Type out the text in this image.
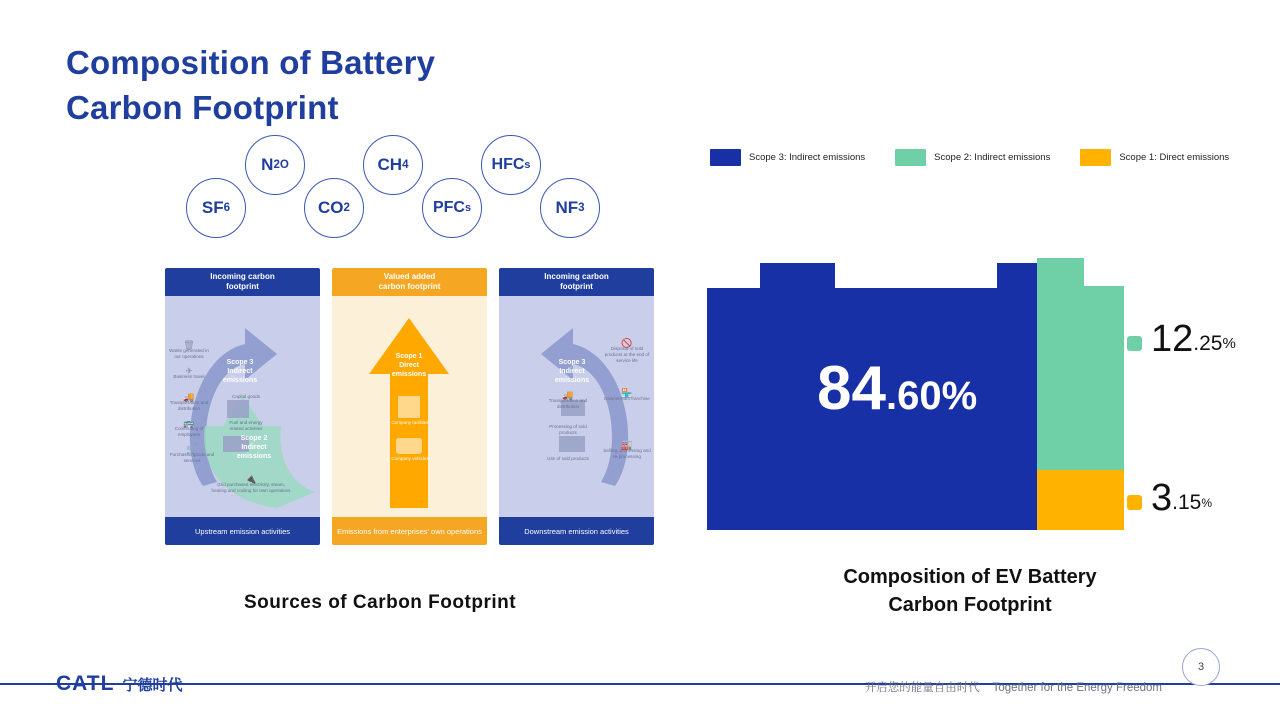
Composition of Battery
Carbon Footprint
SF 6
N 2O
CO 2
CH 4
PFC s
HFC s
NF 3
Incoming carbon
footprint
Scope 3
Indirect
emissions
Scope 2
Indirect
emissions
🗑
Waste generated in our operations
✈
Business travel
🚚
Transportation and distribution
🚌
Commuting of employees
🛒
Purchased goods and services
Fuel and energy related activities
Capital goods
🔌
Grid purchased electricity, steam, heating and cooling for own operations
Upstream emission activities
Valued added
carbon footprint
Scope 1
Direct
emissions
Company facilities
Company vehicles
Emissions from enterprises' own operations
Incoming carbon
footprint
Scope 3
Indirect
emissions
🚚
Transportation and distribution
Processing of sold products
Use of sold products
🚫
Disposal of sold products at the end of service life
🏪
Downstream franchise
🏭
Selling, processing and re-processing
Downstream emission activities
Sources of Carbon Footprint
Scope 3: Indirect emissions	Scope 2: Indirect emissions	Scope 1: Direct emissions
84.60%
12 .25 %
3 .15 %
Composition of EV Battery
Carbon Footprint
CATL 宁德时代	开启您的能量自由时代 Together for the Energy Freedom
3
